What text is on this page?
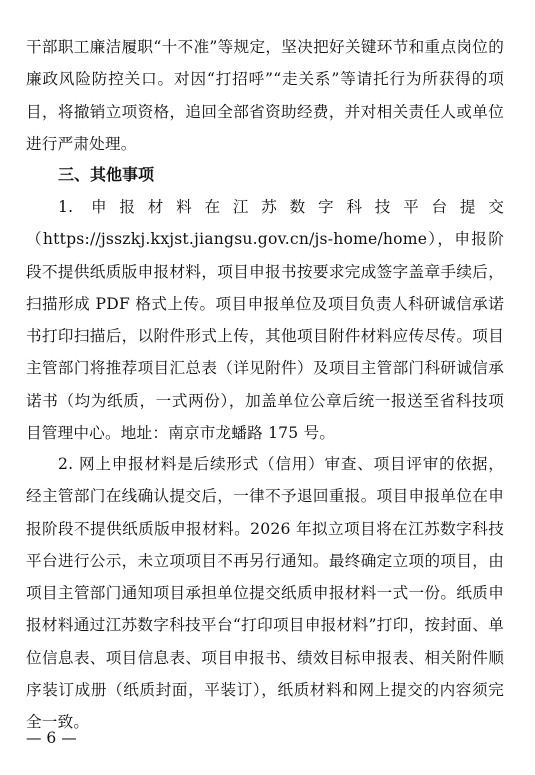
干部职工廉洁履职“十不准”等规定，坚决把好关键环节和重点岗位的廉政风险防控关口。对因“打招呼”“走关系”等请托行为所获得的项目，将撤销立项资格，追回全部省资助经费，并对相关责任人或单位进行严肃处理。

三、其他事项

1. 申报材料在江苏数字科技平台提交（https://jsszkj.kxjst.jiangsu.gov.cn/js-home/home），申报阶段不提供纸质版申报材料，项目申报书按要求完成签字盖章手续后，扫描形成 PDF 格式上传。项目申报单位及项目负责人科研诚信承诺书打印扫描后，以附件形式上传，其他项目附件材料应传尽传。项目主管部门将推荐项目汇总表（详见附件）及项目主管部门科研诚信承诺书（均为纸质，一式两份），加盖单位公章后统一报送至省科技项目管理中心。地址：南京市龙蟠路 175 号。

2. 网上申报材料是后续形式（信用）审查、项目评审的依据，经主管部门在线确认提交后，一律不予退回重报。项目申报单位在申报阶段不提供纸质版申报材料。2026 年拟立项目将在江苏数字科技平台进行公示，未立项项目不再另行通知。最终确定立项的项目，由项目主管部门通知项目承担单位提交纸质申报材料一式一份。纸质申报材料通过江苏数字科技平台“打印项目申报材料”打印，按封面、单位信息表、项目信息表、项目申报书、绩效目标申报表、相关附件顺序装订成册（纸质封面，平装订），纸质材料和网上提交的内容须完全一致。

— 6 —
